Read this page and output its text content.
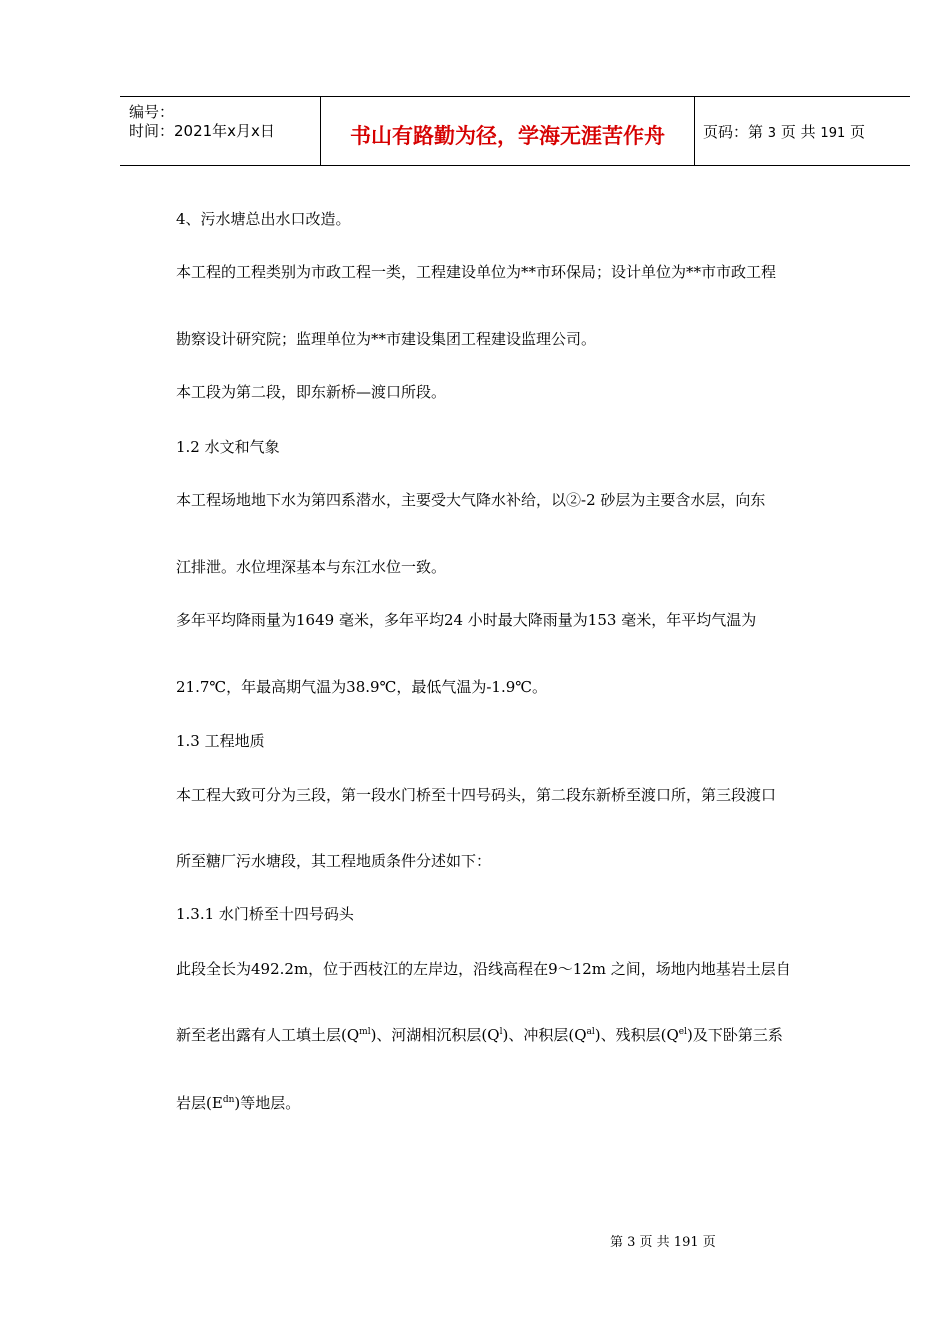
编号：
时间：2021年x月x日	书山有路勤为径，学海无涯苦作舟	页码：第 3 页 共 191 页
4、污水塘总出水口改造。
本工程的工程类别为市政工程一类，工程建设单位为**市环保局；设计单位为**市市政工程
勘察设计研究院；监理单位为**市建设集团工程建设监理公司。
本工段为第二段，即东新桥—渡口所段。
1.2 水文和气象
本工程场地地下水为第四系潜水，主要受大气降水补给，以②-2 砂层为主要含水层，向东
江排泄。水位埋深基本与东江水位一致。
多年平均降雨量为1649 毫米，多年平均24 小时最大降雨量为153 毫米，年平均气温为
21.7℃，年最高期气温为38.9℃，最低气温为-1.9℃。
1.3 工程地质
本工程大致可分为三段，第一段水门桥至十四号码头，第二段东新桥至渡口所，第三段渡口
所至糖厂污水塘段，其工程地质条件分述如下：
1.3.1 水门桥至十四号码头
此段全长为492.2m，位于西枝江的左岸边，沿线高程在9～12m 之间，场地内地基岩土层自
新至老出露有人工填土层$(Q^{ml})$、河湖相沉积层$(Q^l)$、冲积层$(Q^{al})$、残积层$(Q^{el})$及下卧第三系
岩层$(E^{dn})$等地层。
第 3 页 共 191 页
